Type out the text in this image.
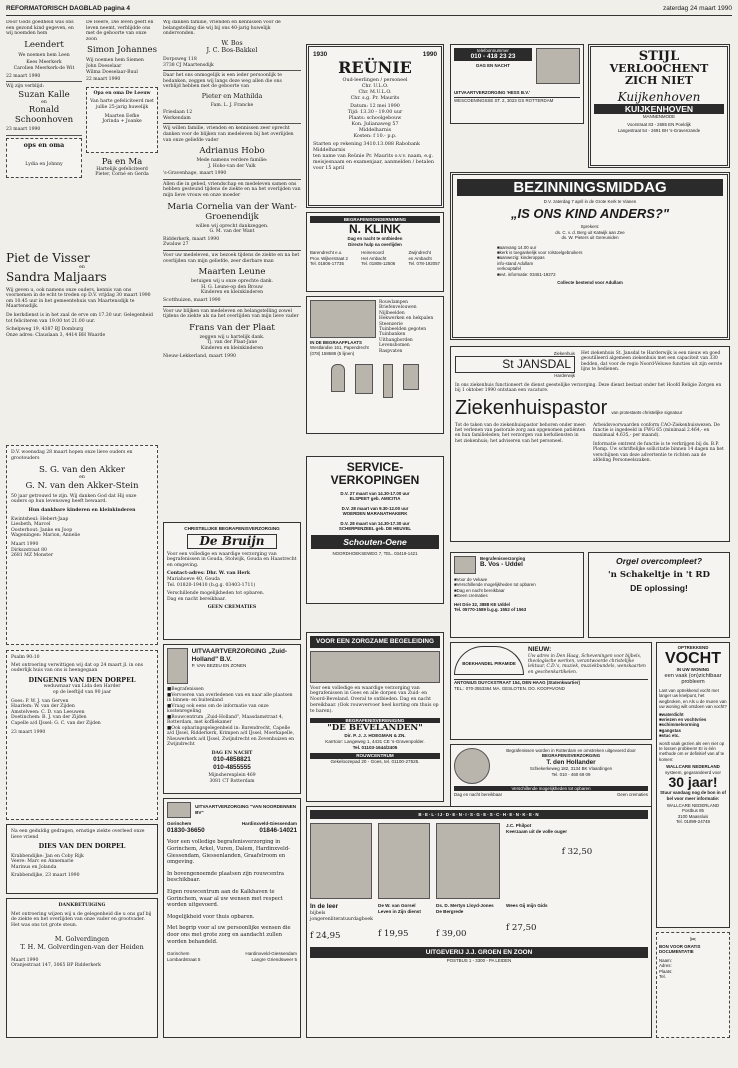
REFORMATORISCH DAGBLAD pagina 4	zaterdag 24 maart 1990
Door Gods goedheid was ons een gezond kind gegeven, en wij noemden hem
Leendert
We noemen hem Leen
Kees Meerkerk
Carolien Meerkerk-de Wit
22 maart 1990
Wij zijn verblijd:
Suzan Kalle
en
Ronald Schoonhoven
23 maart 1990
ops en oma
Lydia en Johnny
Piet de Visser
en
Sandra Maljaars
Wij geven u, ook namens onze ouders, kennis van ons voornemen in de echt te treden op D.V. vrijdag 30 maart 1990 om 10.45 uur in het gemeentehuis van Maartensdijk te Maartensdijk.
De kerkdienst is in het zaal de erve om 17.30 uur. Gelegenheid tot feliciteren van 19.00 tot 21.00 uur.
Schelpweg 19, 4387 BJ Domburg
Onze adres: Clauslaan 3, 4414 BH Waarde
D.V. woensdag 28 maart hopen onze lieve ouders en grootouders
S. G. van den Akker
en
G. N. van den Akker-Stein
50 jaar getrouwd te zijn. Wij danken God dat Hij onze ouders op hun levensweg heeft bewaard.
Hun dankbare kinderen en kleinkinderen
Kwintsheul: Hebert-Jaap
Liesbeth, Marcel
Oosterhout: Janke en Joop
Wageningen: Marion, Annelie
Maart 1990
Dirkszstraat 80
2681 MZ Monster
Psalm 90:10
Met ontroering verwittigen wij dat op 24 maart jl. in ons ouderlijk huis van ons is heengegaan
DINGENIS VAN DEN DORPEL
weduwnaar van Lida den Harder
op de leeftijd van 90 jaar
Goes: P. W. J. van Gerven
Haarlem: W. van der Zijden
Amstelveen: C. D. van Leeuwen
Doetinchem: B. J. van der Zijden
Capelle a/d IJssel: G. C. van der Zijden
23 maart 1990
Na een geduldig gedragen, ernstige ziekte overleed onze lieve vriend
DIES VAN DEN DORPEL
Krabbendijke: Jan en Coby Rijk
Veere: Marc en Annemarie
Marinus en Jolanda
Krabbendijke, 23 maart 1990
DANKBETUIGING
Met ontroering wijzen wij u de gelegenheid die u ons gaf bij de ziekte en het overlijden van onze vader en grootvader. Het was ons tot grote steun.
M. Golverdingen
T. H. M. Golverdingen-van der Heiden
Maart 1990
Oranjestraat 147, 3065 BP Ridderkerk
De Heere, Die leven geeft en leven neemt, verblijdde ons met de geboorte van onze zoon
Simon Johannes
Wij noemen hem Siemen
John Doeselaar
Wilma Doeselaar-Buul
22 maart 1990
Opa en oma De Leeuw
Van harte gefeliciteerd met jullie 25-jarig huwelijk
Maarten Eefke
Jorinda + Joanke
Pa en Ma
Hartelijk gefeliciteerd
Pieter, Corné en Gerda
Wij danken familie, vrienden en kennissen voor de belangstelling die wij bij ons 40-jarig huwelijk ondervonden.
W. Bos
J. C. Bos-Bakkel
Dorpsweg 118
3738 CJ Maartensdijk
Daar het ons onmogelijk is een ieder persoonlijk te bedanken, zeggen wij langs deze weg allen die ons verblijd hebben met de geboorte van
Pieter en Mathilda
Fam. L. J. Francke
Frieslaan 12
Werkendam
Wij willen familie, vrienden en kennissen zeer oprecht danken voor de blijken van medeleven bij het overlijden van onze geliefde vader
Adrianus Hobo
Mede namens verdere familie:
J. Hobo-van der Valk
's-Gravenhage, maart 1990
Allen die in gebed, vriendschap en medeleven samen ons hebben gesteund tijdens de ziekte en na het overlijden van mijn lieve vrouw en onze moeder
Maria Cornelia van der Want-Groenendijk
willen wij oprecht dankzeggen.
G. M. van der Want
Ridderkerk, maart 1990
Zwaluw 27
Voor uw medeleven, uw bezoek tijdens de ziekte en na het overlijden van mijn geliefde, zeer dierbare man
Maarten Leune
betuigen wij u onze oprechte dank.
H. G. Leune-op den Brouw
Kinderen en kleinkinderen
Scotthuizen, maart 1990
Voor uw blijken van medeleven en belangstelling zowel tijdens de ziekte als na het overlijden van mijn lieve vader
Frans van der Plaat
zeggen wij u hartelijk dank.
Tj. van der Plaat-Jane
Kinderen en kleinkinderen
Nieuw-Lekkerland, maart 1990
CHRISTELIJKE BEGRAFENISVERZORGING
De Bruijn
Voor een volledige en waardige verzorging van begrafenissen in Gouda, Stolwijk, Gouda en Haastrecht en omgeving.
Contact-adres: Dhr. W. van Herk
Mariahoeve 40, Gouda
Tel. 01820-19410 (b.g.g. 03403-1711)
Verschillende mogelijkheden tot opbaren.
Dag en nacht bereikbaar.
GEEN CREMATIES
UITVAARTVERZORGING „Zuid-Holland" B.V.
P. VAN BEZEU EN ZONEN
■ Begrafenissen
■ Vervoeren van overledenen van en naar alle plaatsen in binnen- en buitenland
■ Vraag ook eens om de informatie van onze kostenregeling
■ Rouwcentrum „Zuid-Holland", Maasdamstraat 4, Rotterdam, met koffiekamer
■ Ook opbaringsgelegenheid in: Barendrecht, Capelle a/d IJssel, Ridderkerk, Krimpen a/d IJssel, Moerkapelle, Nieuwerkerk a/d IJssel, Zwijndrecht en Zevenhuizen en Zwijndrecht
DAG EN NACHT
010-4858821
010-4855555
Mijnsherenplein 469
3081 CT Rotterdam
UITVAARTVERZORGING "VAN NOORDENNEN BV"
Gorinchem	Hardinxveld-Giessendam
01830-36650	01846-14021
Voor een volledige begrafenisverzorging in Gorinchem, Arkel, Vuren, Dalem, Hardinxveld-Giessendam, Giessenlanden, Graafstroom en omgeving.
In bovengenoemde plaatsen zijn rouwcentra beschikbaar.
Eigen rouwcentrum aan de Kalkhaven te Gorinchem, waar al uw wensen met respect worden uitgevoerd.
Mogelijkheid voor thuis opbaren.
Met begrip voor al uw persoonlijke wensen die door ons met grote zorg en aandacht zullen worden behandeld.
Gorinchem	Hardinxveld-Giessendam
Lombardstraat 5	Langre Griendsweer 5
1930	1990
REÜNIE
Oud-leerlingen / personeel
Chr. U.L.O.
Chr. M.U.L.O.
Chr. s.g. Pr. Maurits
Datum: 12 mei 1990
Tijd: 13.30 - 19.00 uur
Plaats: schoolgebouw
Kon. Julianaweg 57
Middelharnis
Kosten: f 10.- p.p.
Starten op rekening 3410.13.088 Rabobank Middelharnis
ten name van Reünie Pr. Maurits o.v.v. naam, e.g. meisjesnaam en examenjaar, aanmelden / betalen voor 15 april
BEGRAFENISONDERNEMING
N. KLINK
Dag en nacht te ontbieden
Directe hulp na overlijden
Barendrecht e.o.
Prov. Wijkerstraat 2
Tel. 01806-17735
Heinenoord
Het Ambacht
Tel. 01806-12506
Zwijndrecht
en Ambacht
Tel. 078-192057
IN DE BEGRAAFPLAATS
Westlandse 161, Papendrecht
(078) 158688 (5 lijnen)
Rouwlampen
Briefenvelouwen
Nijlbeelden
Hekwerken en hekpalen
Steenzerie
Tuinbeelden gegoten
Tuinbanken
Uithangborden
Levensbomen
Raspvaten
SERVICE-VERKOPINGEN
D.V. 27 maart van 14.30-17.00 uur
ELSPEET geb. AMICITIA
D.V. 28 maart van 9.30-12.00 uur
WOERDEN MARANATHAKERK
D.V. 28 maart van 14.30-17.30 uur
SCHERPENZEEL geb. DE HEUVEL
Schouten-Oene
NOORDHOEKSEWEG 7, TEL. 03419-1421
VOOR EEN ZORGZAME BEGELEIDING
Voor een volledige en waardige verzorging van begrafenissen in Goes en alle dorpen van Zuid- en Noord-Beveland. Overal te ontbieden. Dag en nacht bereikbaar. (Ook rouwvervoer heel korting om thuis op te baren).
BEGRAFENISVERENIGING
"DE BEVELANDEN"
Dir. P. J. J. HOEGMAN & ZN.
Karrtoor: Langeweg 1, 4431 CE 's-Gravenpolder.
Tel. 01103-1644/2405
ROUWCENTRUM
Gekeloozepad 20 - Goes, tel. 01100-27525.
telefoonnummer
010 - 418 23 23
DAG EN NACHT
UITVAARTVERZORGING 'HESS B.V.'
WESCOENINGSSE ST. 2, 3023 GS ROTTERDAM
STIJL
VERLOOCHENT
ZICH NIET
Kuijkenhoven
KUIJKENHOVEN
MANNENMODE
Voorstraat 83 - 2685 EN Poeldijk
Langestraat 54 - 2691 BH 's-Gravenzande
BEZINNINGSMIDDAG
D.V. zaterdag 7 april in de Grote Kerk te Vianen
„IS ONS KIND ANDERS?"
Sprekers:
ds. C. v. d. Berg uit Katwijk aan Zee
ds. W. Pieters uit Gereuniden
■ aanvang 14.00 uur
■ kerk is toegankelijk voor rolstoelgebruikers
■ aanwezig: kinderoppas
info-stand Adullam
verkooptafel
■ evt. informatie: 03451-19272
Collecte bestemd voor Adullam
Ziekenhuis
St JANSDAL
Harderwijk
Het ziekenhuis St. Jansdal te Harderwijk is een nieuw en goed geoutilleerd algemeen ziekenhuis met een capaciteit van 330 bedden, dat voor de regio Noord-Veluwe functies uit zijn eerste lijns te bedienen.
In ons ziekenhuis functioneert de dienst geestelijke verzorging. Deze dienst bestaat onder het Hoofd Religie Zorgen en bij 1 oktober 1990 ontstaan een vacature.
Ziekenhuispastor van protestants christelijke signatuur
Tot de taken van de ziekenhuispastor behoren onder meer: het verlenen van pastorale zorg aan opgenomen patiënten en hun familieleden; het verzorgen van kerkdiensten in het ziekenhuis; het adviseren van het personeel.
Arbeidsvoorwaarden conform CAO-Ziekenhuiswezen. De functie is ingedeeld in FWG 65 (minimaal 2.464,- en maximaal 4.635,- per maand).
Informatie omtrent de functie is te verkrijgen bij ds. B.P. Plomp. Uw schriftelijke sollicitatie binnen 14 dagen na het verschijnen van deze advertentie te richten aan de afdeling Personeelszaken.
Begrafenisverzorging
B. Vos - Uddel
■ Voor de Veluwe
■ Verschillende mogelijkheden tot opbaren
■ Dag en nacht bereikbaar
■ Geen crematies
Het Drie 32, 3888 KE Uddel
Tel. 05770-1589 b.g.g. 1552 of 1563
Orgel overcompleet?
'n Schakeltje in 't RD
DE oplossing!
OPTREKKEND
VOCHT
IN UW WONING
een vaak (on)zichtbaar probleem
Last van optrekkend vocht met langer uw knelpunt, het wegbroken, en Als u de muren van uw woning wilt ontdoen van vocht?
■ waterdicht
■ vriezen en vochtvries
■ schimmelvorming
■ gangstas
■ stuc etc.
wordt vaak gezien als een niet op te lossen probleem! Er is één methode om er definitief van af te komen:
WALLCARE NEDERLAND
systeem, gegarandeerd voor
30 jaar!
Stuur vandaag nog de bon in of bel voor meer informatie:
WALLCARE NEDERLAND
Postbus 85
3100 Maassluis
Tel. 01899-24748
BOEKHANDEL PIRAMIDE
NIEUW:
Uw adres in Den Haag, Scheveningen voor bijbels, theologische werken, verantwoorde christelijke lektuur, C.D.'s, muziek, muziekbundels, wenskaarten en geschenkartikelen.
ANTONIUS DUYCKSTRAAT 154, DEN HAAG (Statenkwartier)
TEL.: 070-3553364 MA. GESLOTEN. DO. KOOPAVOND
Begrafenissen worden in Rotterdam en omstreken uitgevoerd door
BEGRAFENISVERZORGING
T. den Hollander
Schiekerkeweg 182, 3134 BK Vlaardingen
Tel. 010 - 460 69 09
Verschillende mogelijkheden tot opbaren
Dag en nacht bereikbaar	Geen crematies
B·E·L·IJ·D·E·N·I·S·G·E·S·C·H·E·N·K·E·N
J.C. Philpot
Keerzaam uit de volle ouger
f 32,50
In de leer
bijbels jongerenliteratuurdagboek
f 24,95
De W. van Gorsel
Leven in Zijn dienst
f 19,95
Ds. D. Mertyn Lloyd-Jones
De Bergrede
f 39,00
Wees Gij mijn Gids
f 27,50
UITGEVERIJ J.J. GROEN EN ZOON
POSTBUS 1 - 3300 - PA LEIDEN
✂
BON VOOR GRATIS DOCUMENTATIE
Naam:
Adres:
Plaats:
Tel.
